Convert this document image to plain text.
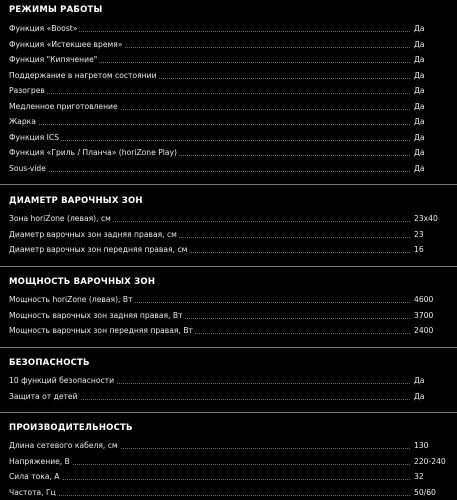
РЕЖИМЫ РАБОТЫ
Функция «Boost»	Да
Функция «Истекшее время»	Да
Функция "Кипячение"	Да
Поддержание в нагретом состоянии	Да
Разогрев	Да
Медленное приготовление	Да
Жарка	Да
Функция ICS	Да
Функция «Гриль / Планча» (horiZone Play)	Да
Sous-vide	Да
ДИАМЕТР ВАРОЧНЫХ ЗОН
Зона horiZone (левая), см	23x40
Диаметр варочных зон задняя правая, см	23
Диаметр варочных зон передняя правая, см	16
МОЩНОСТЬ ВАРОЧНЫХ ЗОН
Мощность horiZone (левая), Вт	4600
Мощность варочных зон задняя правая, Вт	3700
Мощность варочных зон передняя правая, Вт	2400
БЕЗОПАСНОСТЬ
10 функций безопасности	Да
Защита от детей	Да
ПРОИЗВОДИТЕЛЬНОСТЬ
Длина сетевого кабеля, см	130
Напряжение, В	220-240
Сила тока, А	32
Частота, Гц	50/60
